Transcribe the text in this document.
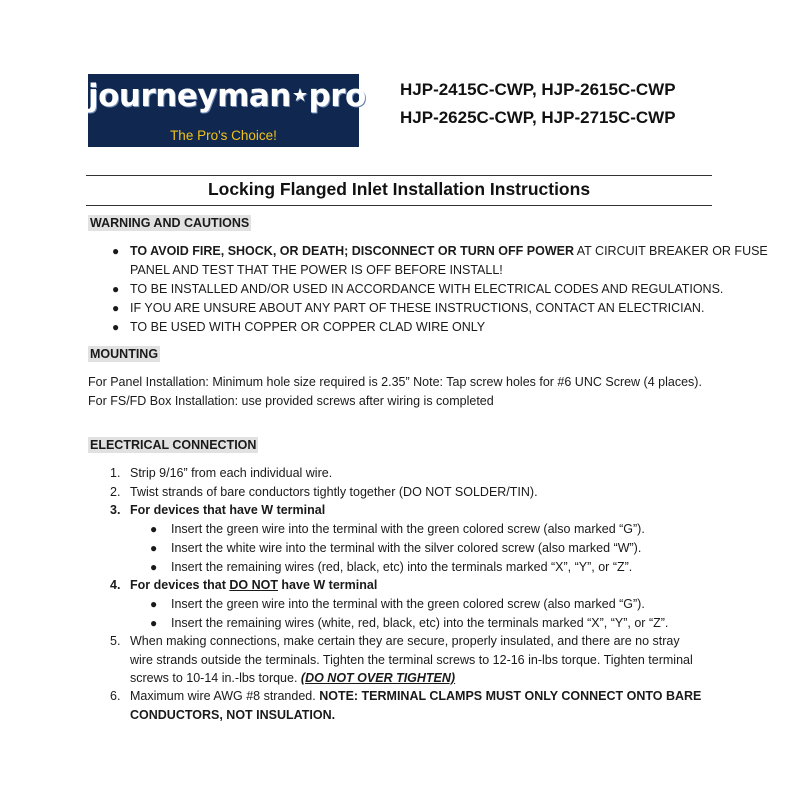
journeyman★pro
The Pro's Choice!
HJP-2415C-CWP, HJP-2615C-CWP
HJP-2625C-CWP, HJP-2715C-CWP
Locking Flanged Inlet Installation Instructions
WARNING AND CAUTIONS
● TO AVOID FIRE, SHOCK, OR DEATH; DISCONNECT OR TURN OFF POWER AT CIRCUIT BREAKER OR FUSE
PANEL AND TEST THAT THE POWER IS OFF BEFORE INSTALL!
● TO BE INSTALLED AND/OR USED IN ACCORDANCE WITH ELECTRICAL CODES AND REGULATIONS.
● IF YOU ARE UNSURE ABOUT ANY PART OF THESE INSTRUCTIONS, CONTACT AN ELECTRICIAN.
● TO BE USED WITH COPPER OR COPPER CLAD WIRE ONLY
MOUNTING
For Panel Installation: Minimum hole size required is 2.35” Note: Tap screw holes for #6 UNC Screw (4 places).
For FS/FD Box Installation: use provided screws after wiring is completed
ELECTRICAL CONNECTION
1. Strip 9/16” from each individual wire.
2. Twist strands of bare conductors tightly together (DO NOT SOLDER/TIN).
3. For devices that have W terminal
● Insert the green wire into the terminal with the green colored screw (also marked “G”).
● Insert the white wire into the terminal with the silver colored screw (also marked “W”).
● Insert the remaining wires (red, black, etc) into the terminals marked “X”, “Y”, or “Z”.
4. For devices that DO NOT have W terminal
● Insert the green wire into the terminal with the green colored screw (also marked “G”).
● Insert the remaining wires (white, red, black, etc) into the terminals marked “X”, “Y”, or “Z”.
5. When making connections, make certain they are secure, properly insulated, and there are no stray
wire strands outside the terminals. Tighten the terminal screws to 12-16 in-lbs torque. Tighten terminal
screws to 10-14 in.-lbs torque. (DO NOT OVER TIGHTEN)
6. Maximum wire AWG #8 stranded. NOTE: TERMINAL CLAMPS MUST ONLY CONNECT ONTO BARE
CONDUCTORS, NOT INSULATION.
